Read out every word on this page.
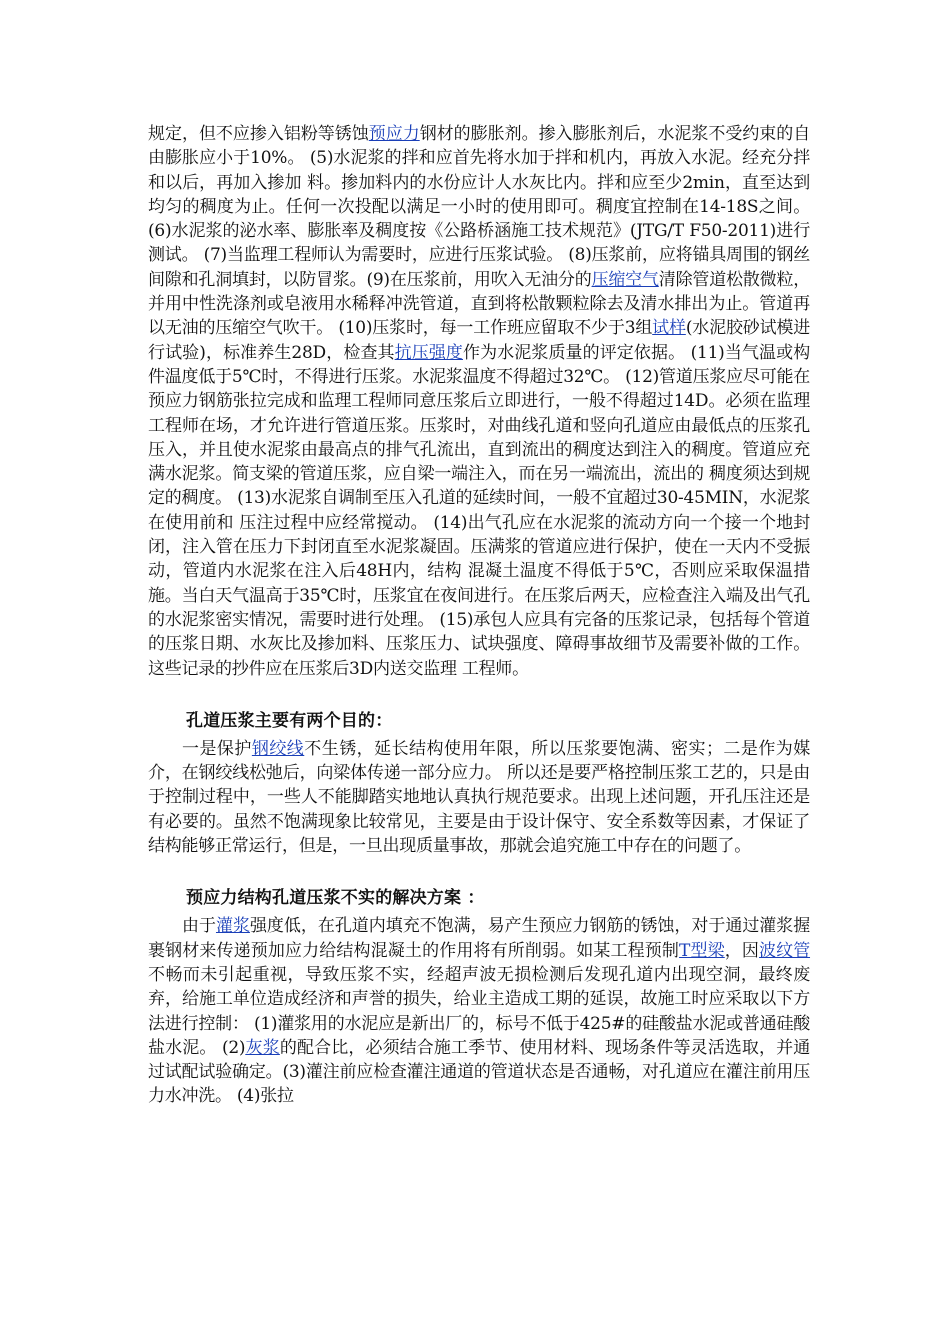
规定，但不应掺入铝粉等锈蚀预应力钢材的膨胀剂。掺入膨胀剂后，水泥浆不受约束的自由膨胀应小于10%。 (5)水泥浆的拌和应首先将水加于拌和机内，再放入水泥。经充分拌和以后，再加入掺加 料。掺加料内的水份应计人水灰比内。拌和应至少2min，直至达到均匀的稠度为止。任何一次投配以满足一小时的使用即可。稠度宜控制在14-18S之间。 (6)水泥浆的泌水率、膨胀率及稠度按《公路桥涵施工技术规范》(JTG/T F50-2011)进行测试。 (7)当监理工程师认为需要时，应进行压浆试验。 (8)压浆前，应将锚具周围的钢丝间隙和孔洞填封，以防冒浆。(9)在压浆前，用吹入无油分的压缩空气清除管道松散微粒，并用中性洗涤剂或皂液用水稀释冲洗管道，直到将松散颗粒除去及清水排出为止。管道再以无油的压缩空气吹干。 (10)压浆时，每一工作班应留取不少于3组试样(水泥胶砂试模进行试验)，标准养生28D，检查其抗压强度作为水泥浆质量的评定依据。 (11)当气温或构件温度低于5℃时，不得进行压浆。水泥浆温度不得超过32℃。 (12)管道压浆应尽可能在预应力钢筋张拉完成和监理工程师同意压浆后立即进行，一般不得超过14D。必须在监理工程师在场，才允许进行管道压浆。压浆时，对曲线孔道和竖向孔道应由最低点的压浆孔压入，并且使水泥浆由最高点的排气孔流出，直到流出的稠度达到注入的稠度。管道应充满水泥浆。简支梁的管道压浆，应自梁一端注入，而在另一端流出，流出的 稠度须达到规定的稠度。 (13)水泥浆自调制至压入孔道的延续时间，一般不宜超过30-45MIN，水泥浆在使用前和 压注过程中应经常搅动。 (14)出气孔应在水泥浆的流动方向一个接一个地封闭，注入管在压力下封闭直至水泥浆凝固。压满浆的管道应进行保护，使在一天内不受振动，管道内水泥浆在注入后48H内，结构 混凝土温度不得低于5℃，否则应采取保温措施。当白天气温高于35℃时，压浆宜在夜间进行。在压浆后两天，应检查注入端及出气孔的水泥浆密实情况，需要时进行处理。 (15)承包人应具有完备的压浆记录，包括每个管道的压浆日期、水灰比及掺加料、压浆压力、试块强度、障碍事故细节及需要补做的工作。这些记录的抄件应在压浆后3D内送交监理 工程师。

孔道压浆主要有两个目的：

一是保护钢绞线不生锈，延长结构使用年限，所以压浆要饱满、密实；二是作为媒介，在钢绞线松弛后，向梁体传递一部分应力。 所以还是要严格控制压浆工艺的，只是由于控制过程中，一些人不能脚踏实地地认真执行规范要求。出现上述问题，开孔压注还是有必要的。虽然不饱满现象比较常见，主要是由于设计保守、安全系数等因素，才保证了结构能够正常运行，但是，一旦出现质量事故，那就会追究施工中存在的问题了。

预应力结构孔道压浆不实的解决方案 ：

由于灌浆强度低，在孔道内填充不饱满，易产生预应力钢筋的锈蚀，对于通过灌浆握裹钢材来传递预加应力给结构混凝土的作用将有所削弱。如某工程预制T型梁，因波纹管不畅而未引起重视，导致压浆不实，经超声波无损检测后发现孔道内出现空洞，最终废弃，给施工单位造成经济和声誉的损失，给业主造成工期的延误，故施工时应采取以下方法进行控制： (1)灌浆用的水泥应是新出厂的，标号不低于425#的硅酸盐水泥或普通硅酸盐水泥。 (2)灰浆的配合比，必须结合施工季节、使用材料、现场条件等灵活选取，并通过试配试验确定。(3)灌注前应检查灌注通道的管道状态是否通畅，对孔道应在灌注前用压力水冲洗。 (4)张拉
